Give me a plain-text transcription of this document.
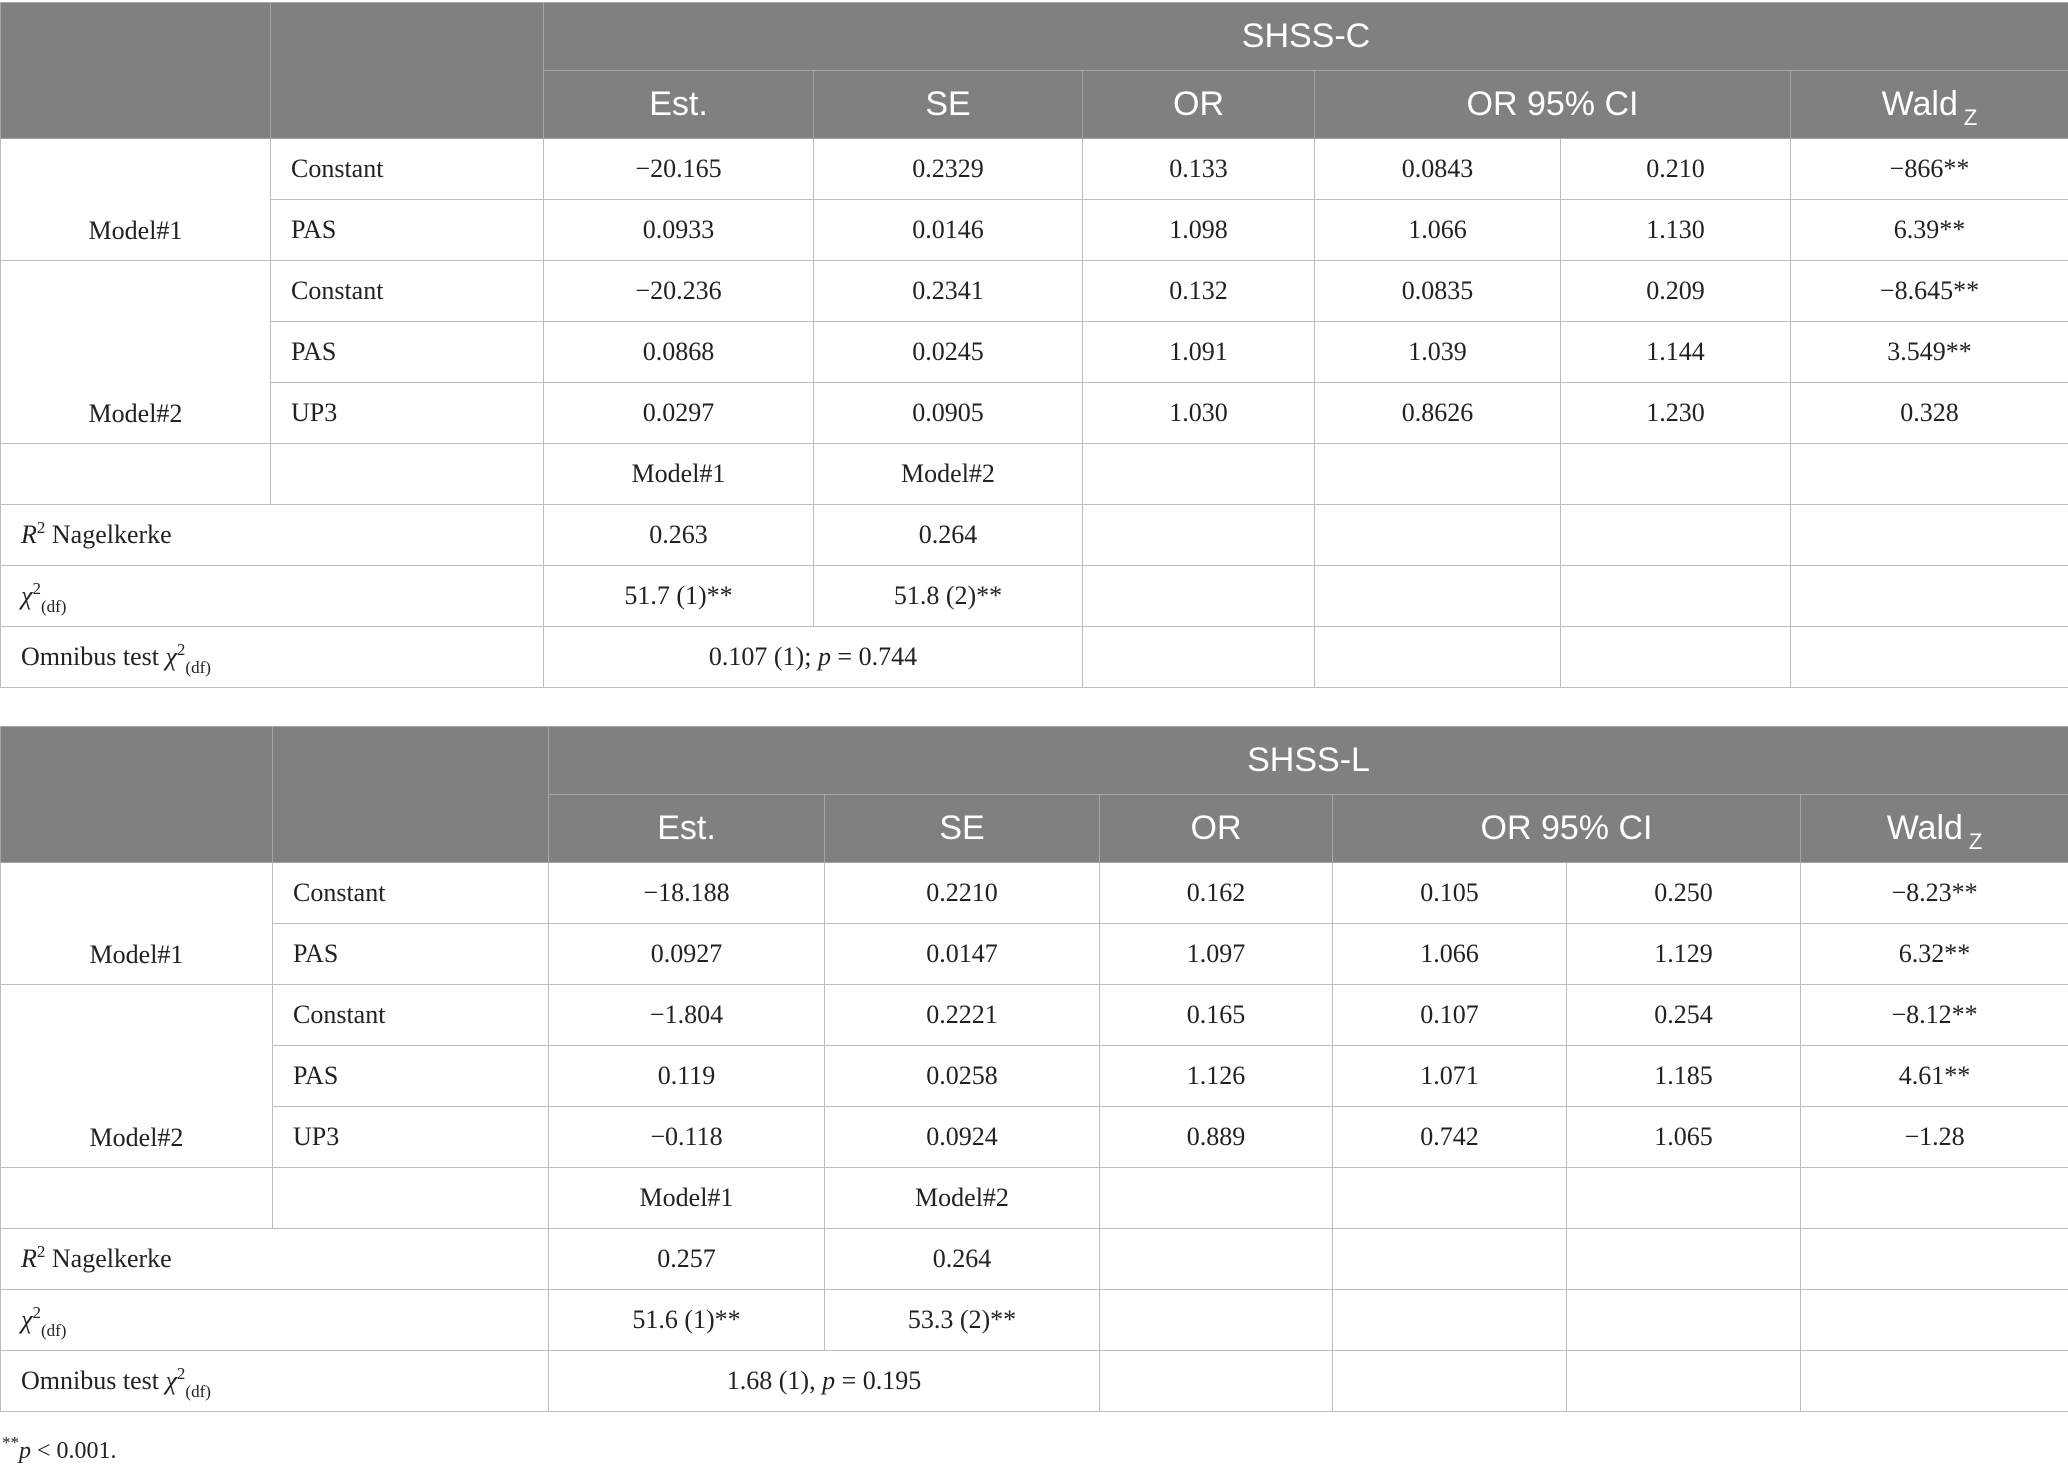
		SHSS-C					
		Est.	SE	OR	OR 95% CI		Wald $_Z$
Model#1	Constant	−20.165	0.2329	0.133	0.0843	0.210	−866**
	PAS	0.0933	0.0146	1.098	1.066	1.130	6.39**
Model#2	Constant	−20.236	0.2341	0.132	0.0835	0.209	−8.645**
	PAS	0.0868	0.0245	1.091	1.039	1.144	3.549**
	UP3	0.0297	0.0905	1.030	0.8626	1.230	0.328
		Model#1	Model#2				
$R^2$ Nagelkerke		0.263	0.264				
$\chi^2_{(df)}$		51.7 (1)**	51.8 (2)**				
Omnibus test $\chi^2_{(df)}$		0.107 (1); p = 0.744					
		SHSS-L					
		Est.	SE	OR	OR 95% CI		Wald $_Z$
Model#1	Constant	−18.188	0.2210	0.162	0.105	0.250	−8.23**
	PAS	0.0927	0.0147	1.097	1.066	1.129	6.32**
Model#2	Constant	−1.804	0.2221	0.165	0.107	0.254	−8.12**
	PAS	0.119	0.0258	1.126	1.071	1.185	4.61**
	UP3	−0.118	0.0924	0.889	0.742	1.065	−1.28
		Model#1	Model#2				
$R^2$ Nagelkerke		0.257	0.264				
$\chi^2_{(df)}$		51.6 (1)**	53.3 (2)**				
Omnibus test $\chi^2_{(df)}$		1.68 (1), p = 0.195					
**p < 0.001.
